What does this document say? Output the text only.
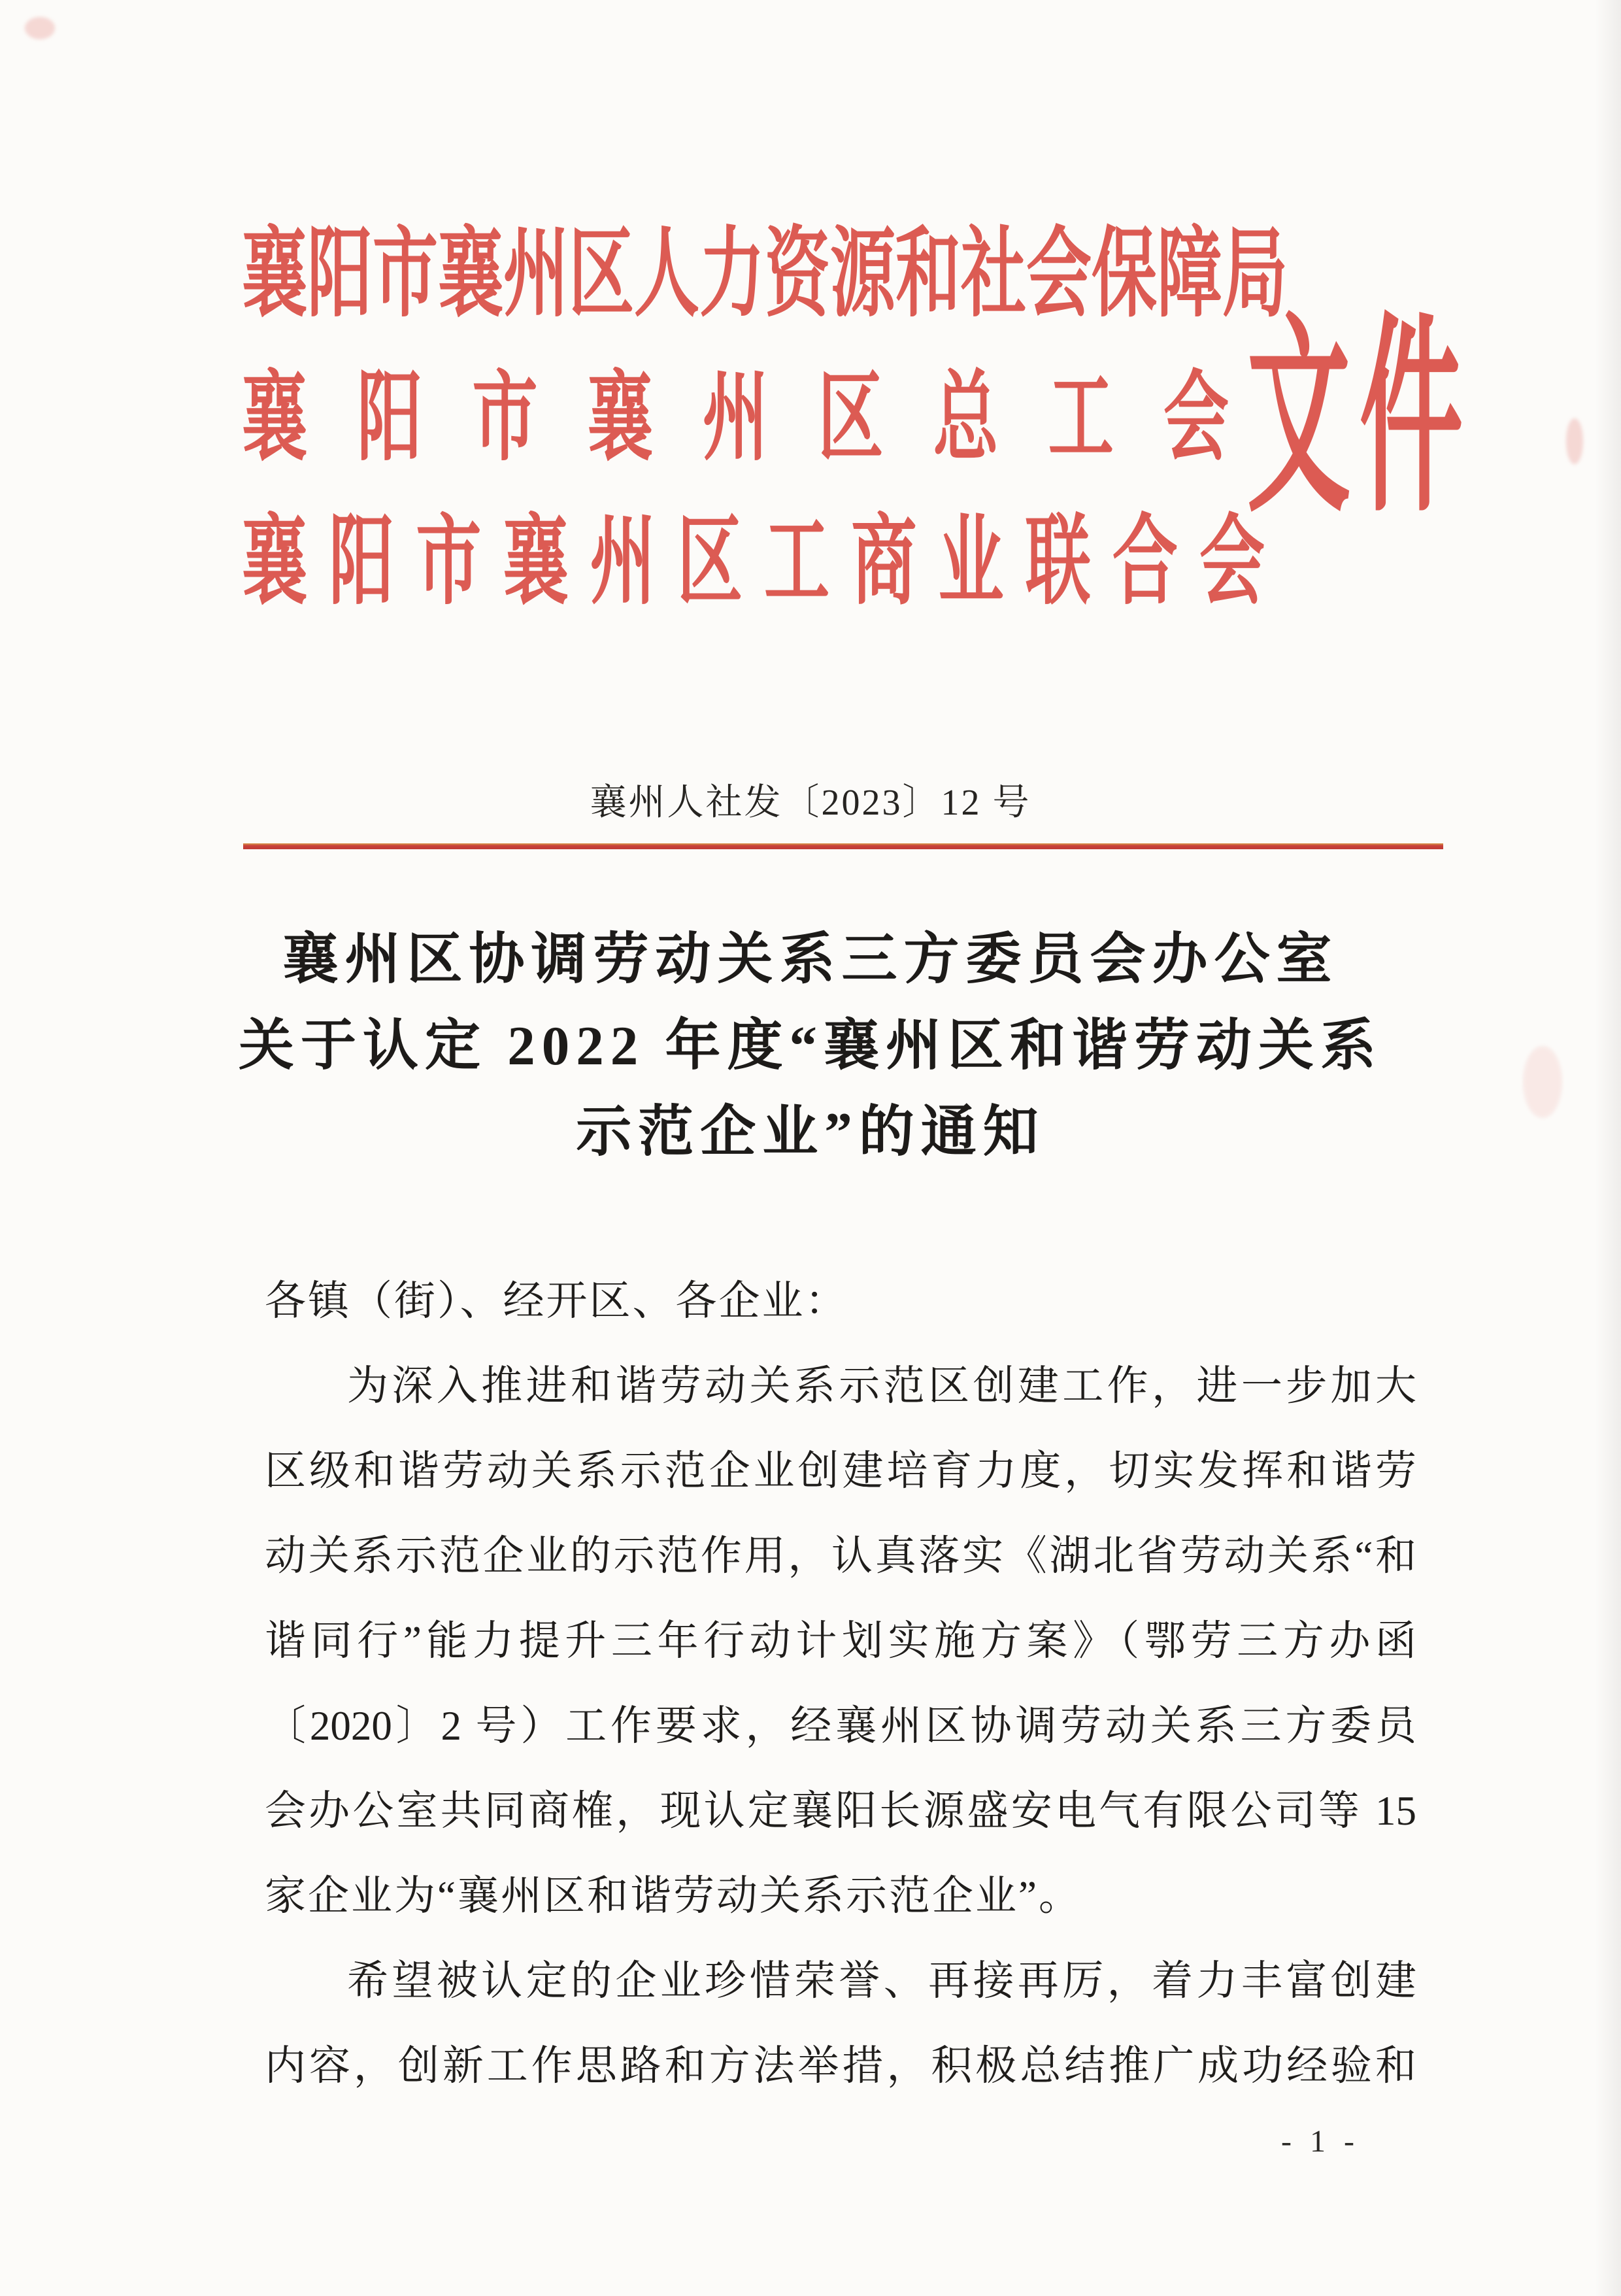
襄阳市襄州区人力资源和社会保障局
襄阳市襄州区总工会
襄阳市襄州区工商业联合会
文件
襄州人社发〔2023〕12 号
襄州区协调劳动关系三方委员会办公室
关于认定 2022 年度“襄州区和谐劳动关系
示范企业”的通知
各镇（街）、经开区、各企业：
为深入推进和谐劳动关系示范区创建工作，进一步加大
区级和谐劳动关系示范企业创建培育力度，切实发挥和谐劳
动关系示范企业的示范作用，认真落实《湖北省劳动关系“和
谐同行”能力提升三年行动计划实施方案》（鄂劳三方办函
〔2020〕2 号）工作要求，经襄州区协调劳动关系三方委员
会办公室共同商榷，现认定襄阳长源盛安电气有限公司等 15
家企业为“襄州区和谐劳动关系示范企业”。
希望被认定的企业珍惜荣誉、再接再厉，着力丰富创建
内容，创新工作思路和方法举措，积极总结推广成功经验和
- 1 -
